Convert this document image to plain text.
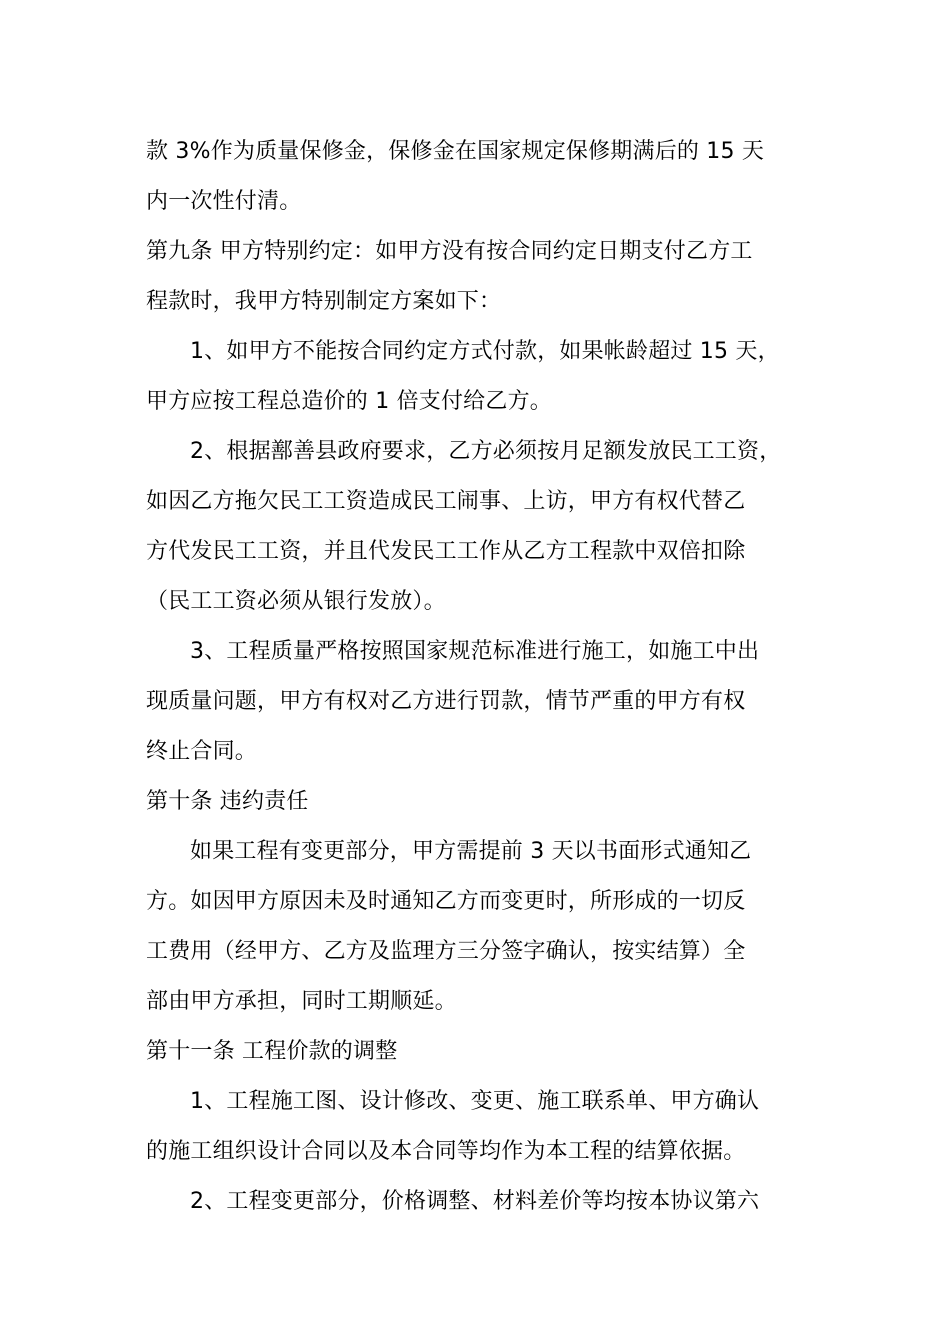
款 3%作为质量保修金，保修金在国家规定保修期满后的 15 天
内一次性付清。
第九条 甲方特别约定：如甲方没有按合同约定日期支付乙方工
程款时，我甲方特别制定方案如下：
1、如甲方不能按合同约定方式付款，如果帐龄超过 15 天，
甲方应按工程总造价的 1 倍支付给乙方。
2、根据鄯善县政府要求，乙方必须按月足额发放民工工资，
如因乙方拖欠民工工资造成民工闹事、上访，甲方有权代替乙
方代发民工工资，并且代发民工工作从乙方工程款中双倍扣除
（民工工资必须从银行发放）。
3、工程质量严格按照国家规范标准进行施工，如施工中出
现质量问题，甲方有权对乙方进行罚款，情节严重的甲方有权
终止合同。
第十条 违约责任
如果工程有变更部分，甲方需提前 3 天以书面形式通知乙
方。如因甲方原因未及时通知乙方而变更时，所形成的一切反
工费用（经甲方、乙方及监理方三分签字确认，按实结算）全
部由甲方承担，同时工期顺延。
第十一条 工程价款的调整
1、工程施工图、设计修改、变更、施工联系单、甲方确认
的施工组织设计合同以及本合同等均作为本工程的结算依据。
2、工程变更部分，价格调整、材料差价等均按本协议第六
